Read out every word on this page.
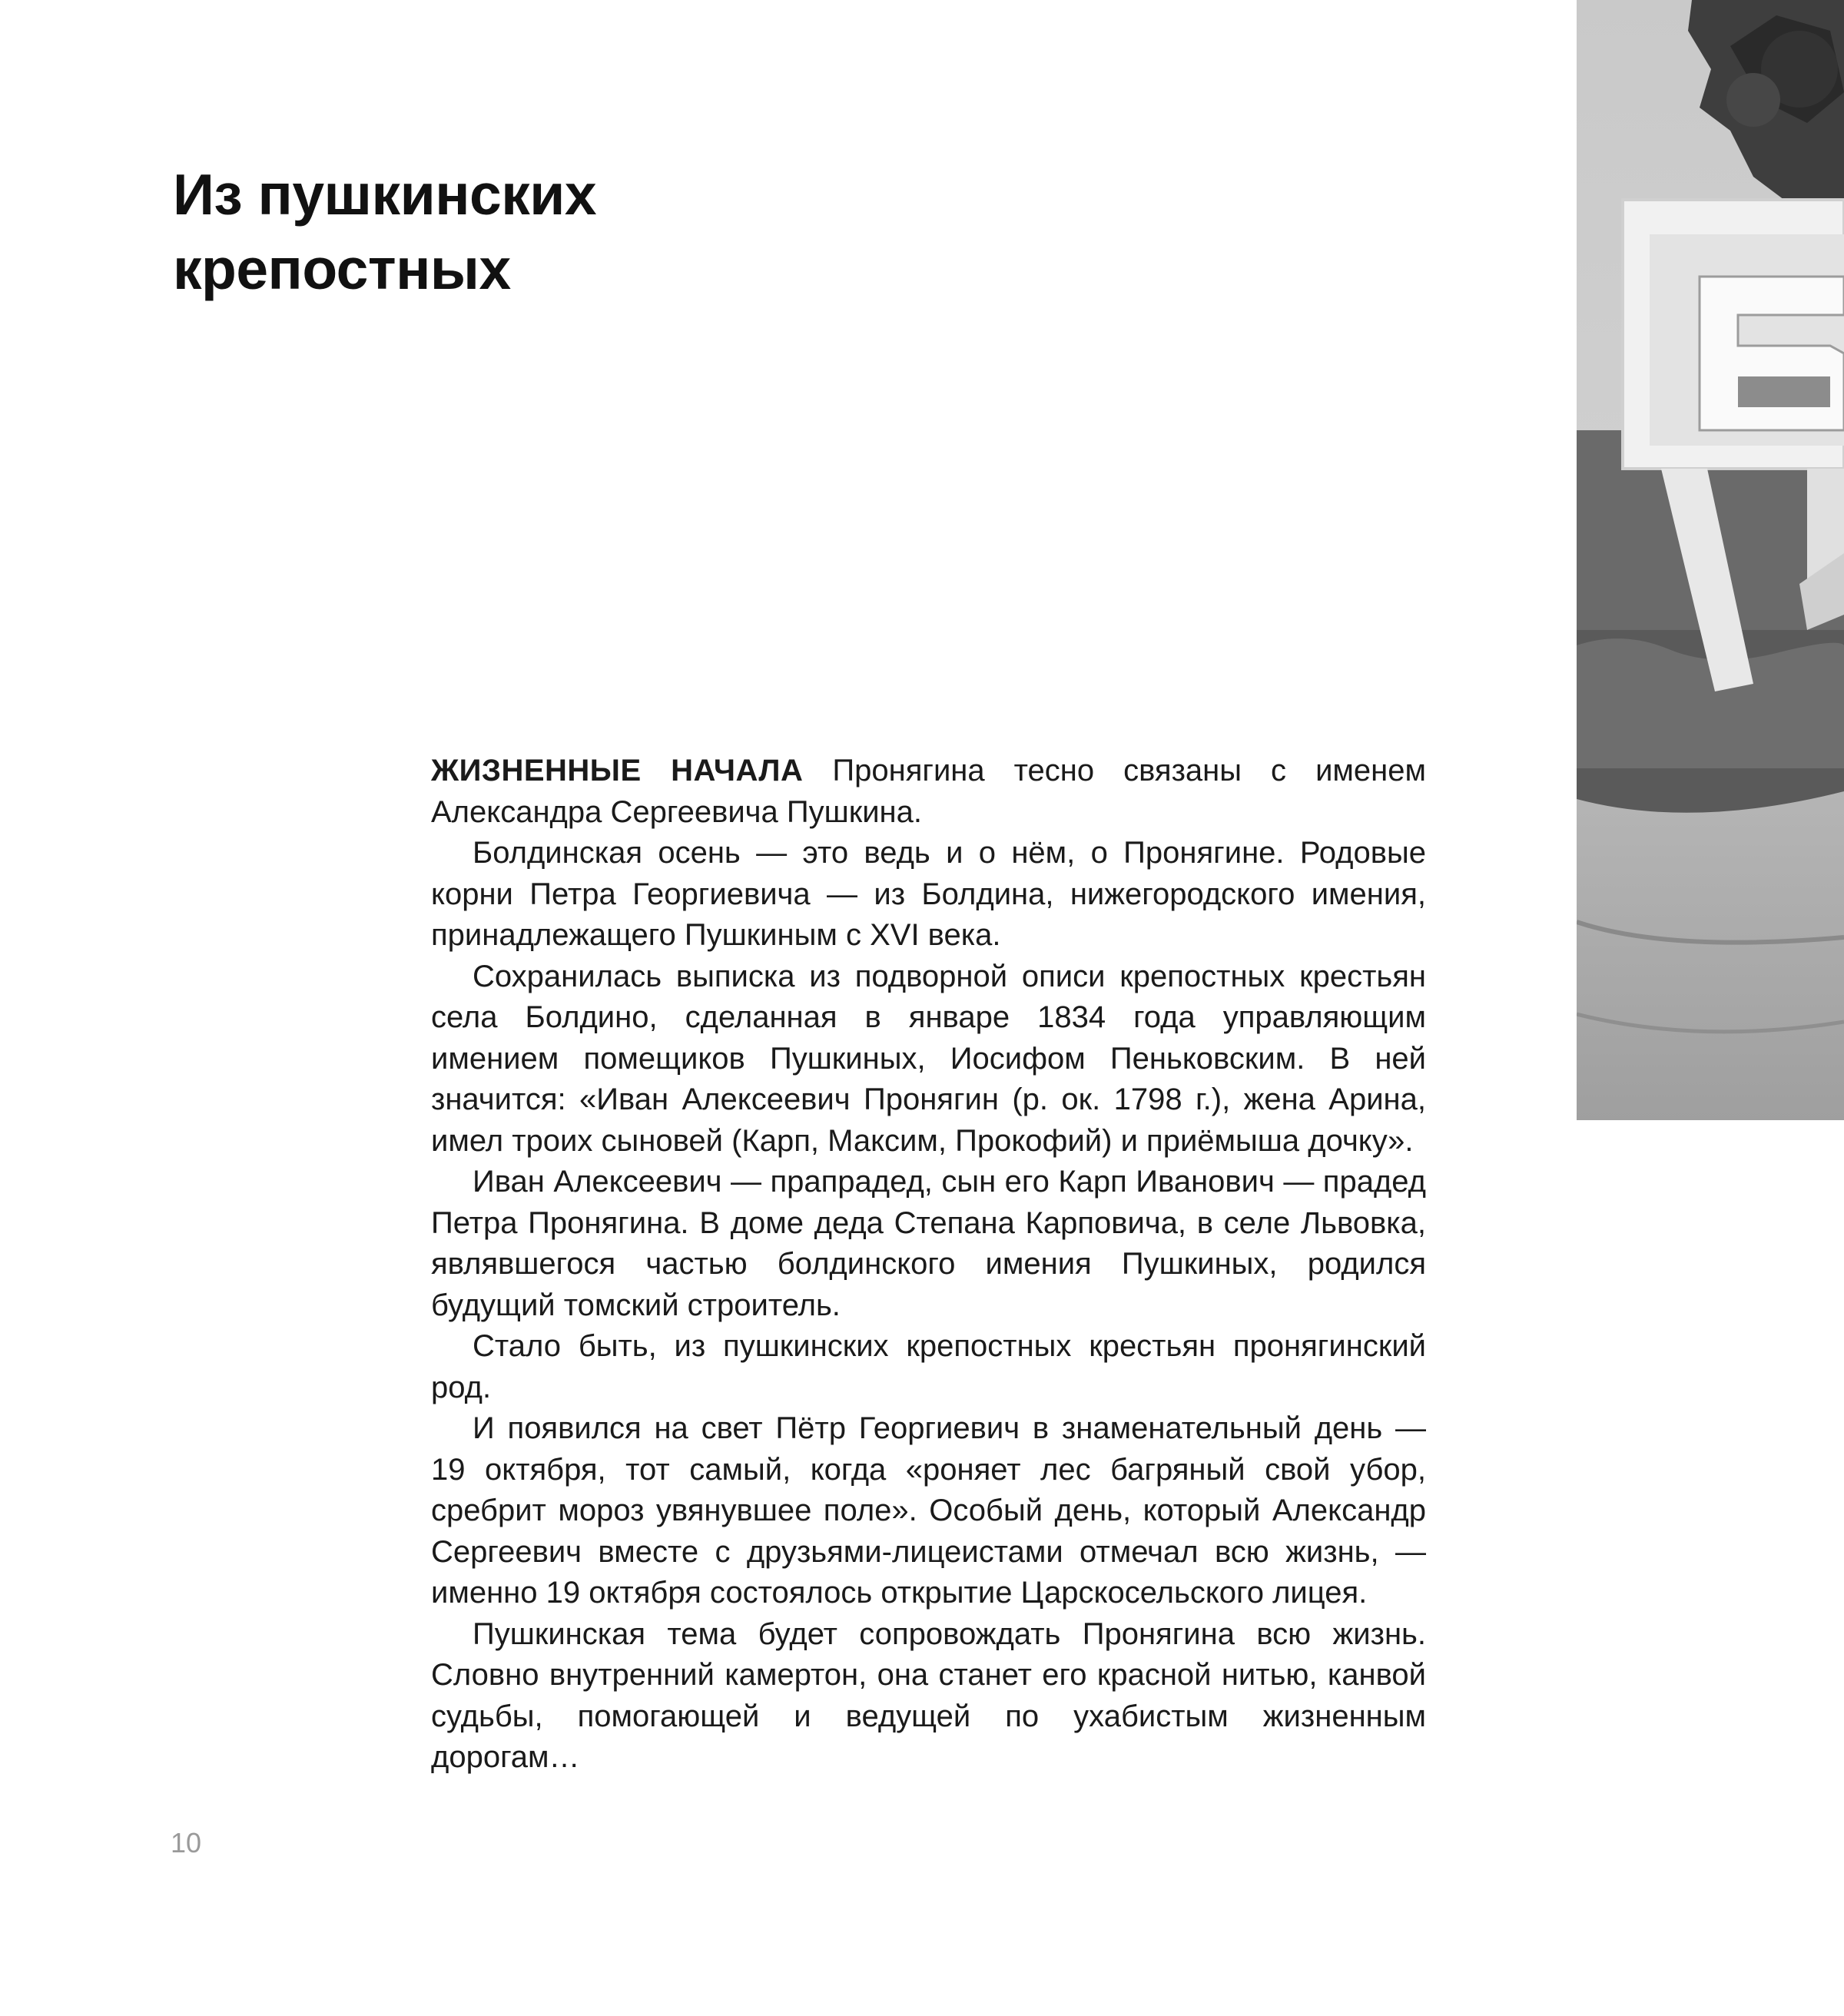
Из пушкинских
крепостных

ЖИЗНЕННЫЕ НАЧАЛА Пронягина тесно связаны с именем Александра Сергеевича Пушкина.

Болдинская осень — это ведь и о нём, о Пронягине. Родовые корни Петра Георгиевича — из Болдина, нижегородского имения, принадлежащего Пушкиным с XVI века.

Сохранилась выписка из подворной описи крепостных крестьян села Болдино, сделанная в январе 1834 года управляющим имением помещиков Пушкиных, Иосифом Пеньковским. В ней значится: «Иван Алексеевич Пронягин (р. ок. 1798 г.), жена Арина, имел троих сыновей (Карп, Максим, Прокофий) и приёмыша дочку».

Иван Алексеевич — прапрадед, сын его Карп Иванович — прадед Петра Пронягина. В доме деда Степана Карповича, в селе Львовка, являвшегося частью болдинского имения Пушкиных, родился будущий томский строитель.

Стало быть, из пушкинских крепостных крестьян пронягинский род.

И появился на свет Пётр Георгиевич в знаменательный день — 19 октября, тот самый, когда «роняет лес багряный свой убор, сребрит мороз увянувшее поле». Особый день, который Александр Сергеевич вместе с друзьями-лицеистами отмечал всю жизнь, — именно 19 октября состоялось открытие Царскосельского лицея.

Пушкинская тема будет сопровождать Пронягина всю жизнь. Словно внутренний камертон, она станет его красной нитью, канвой судьбы, помогающей и ведущей по ухабистым жизненным дорогам…

10
